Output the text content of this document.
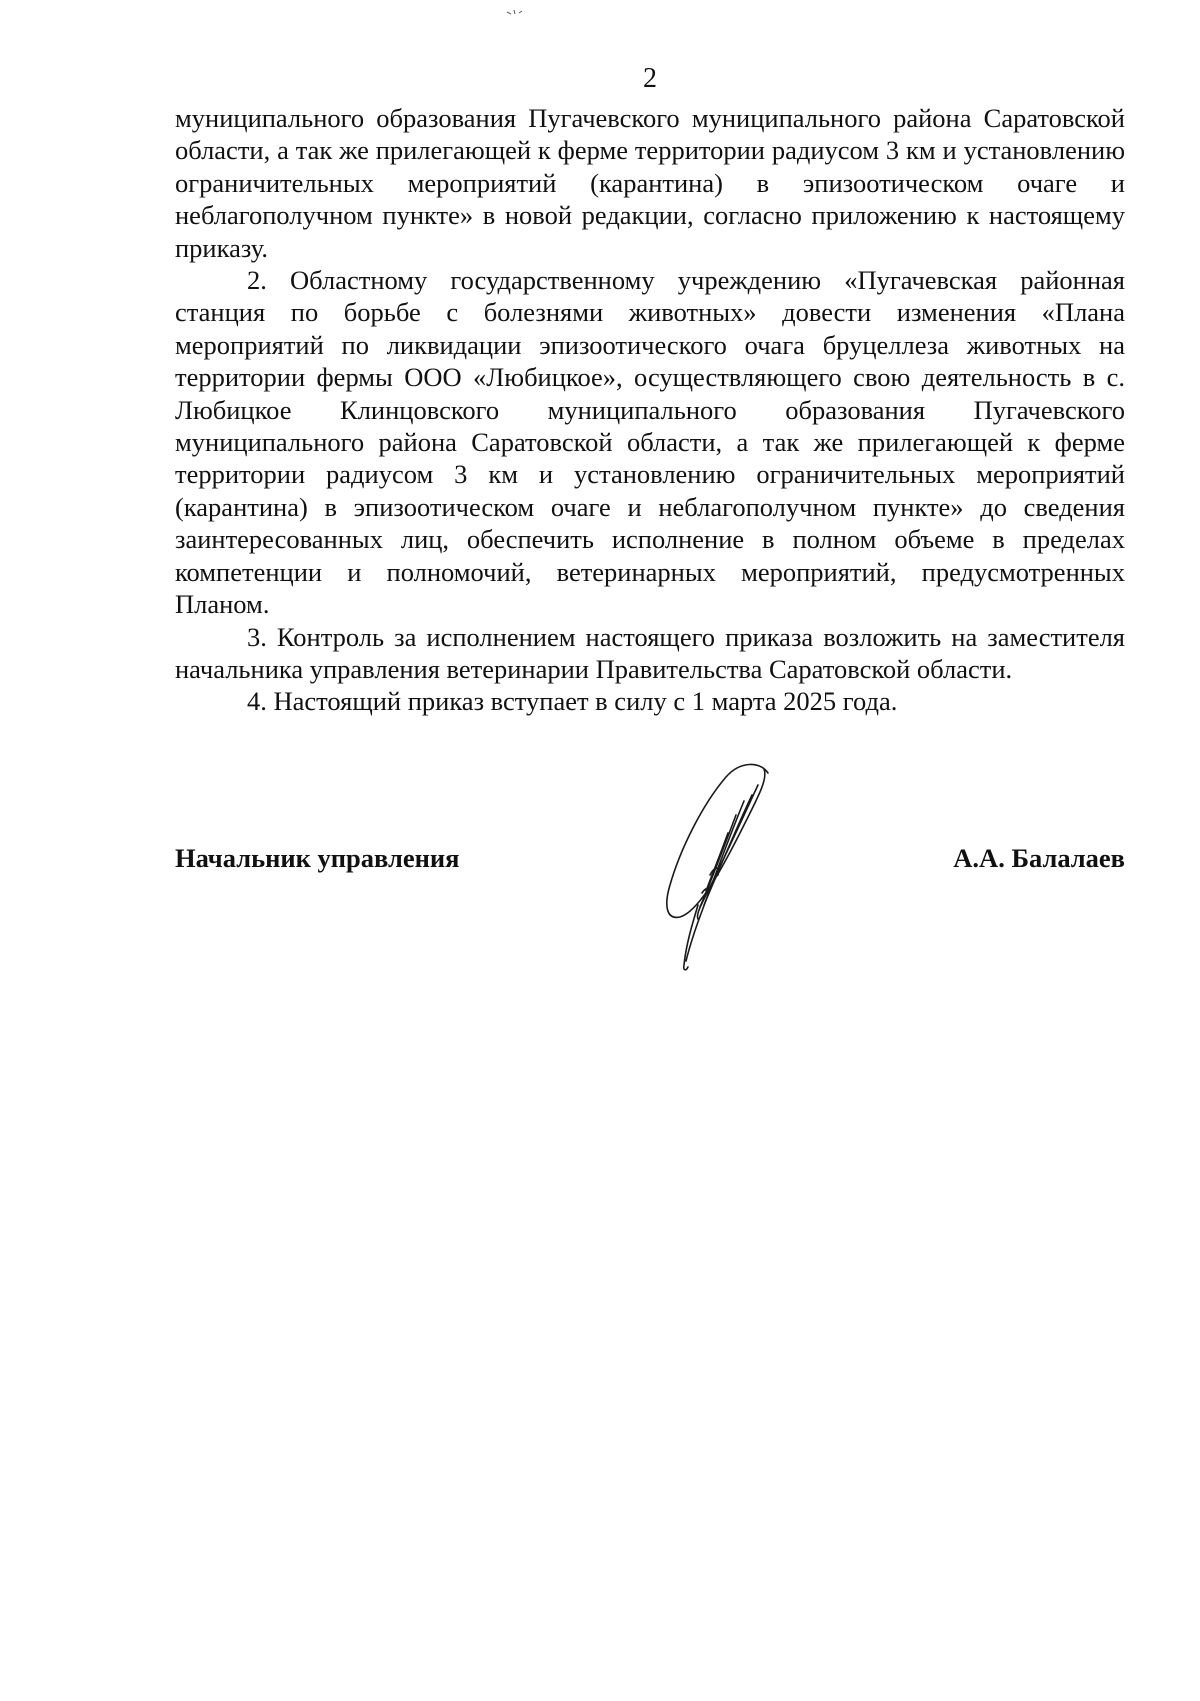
2

муниципального образования Пугачевского муниципального района Саратовской области, а так же прилегающей к ферме территории радиусом 3 км и установлению ограничительных мероприятий (карантина) в эпизоотическом очаге и неблагополучном пункте» в новой редакции, согласно приложению к настоящему приказу.

2. Областному государственному учреждению «Пугачевская районная станция по борьбе с болезнями животных» довести изменения «Плана мероприятий по ликвидации эпизоотического очага бруцеллеза животных на территории фермы ООО «Любицкое», осуществляющего свою деятельность в с. Любицкое Клинцовского муниципального образования Пугачевского муниципального района Саратовской области, а так же прилегающей к ферме территории радиусом 3 км и установлению ограничительных мероприятий (карантина) в эпизоотическом очаге и неблагополучном пункте» до сведения заинтересованных лиц, обеспечить исполнение в полном объеме в пределах компетенции и полномочий, ветеринарных мероприятий, предусмотренных Планом.

3. Контроль за исполнением настоящего приказа возложить на заместителя начальника управления ветеринарии Правительства Саратовской области.

4. Настоящий приказ вступает в силу с 1 марта 2025 года.

Начальник управления	А.А. Балалаев
